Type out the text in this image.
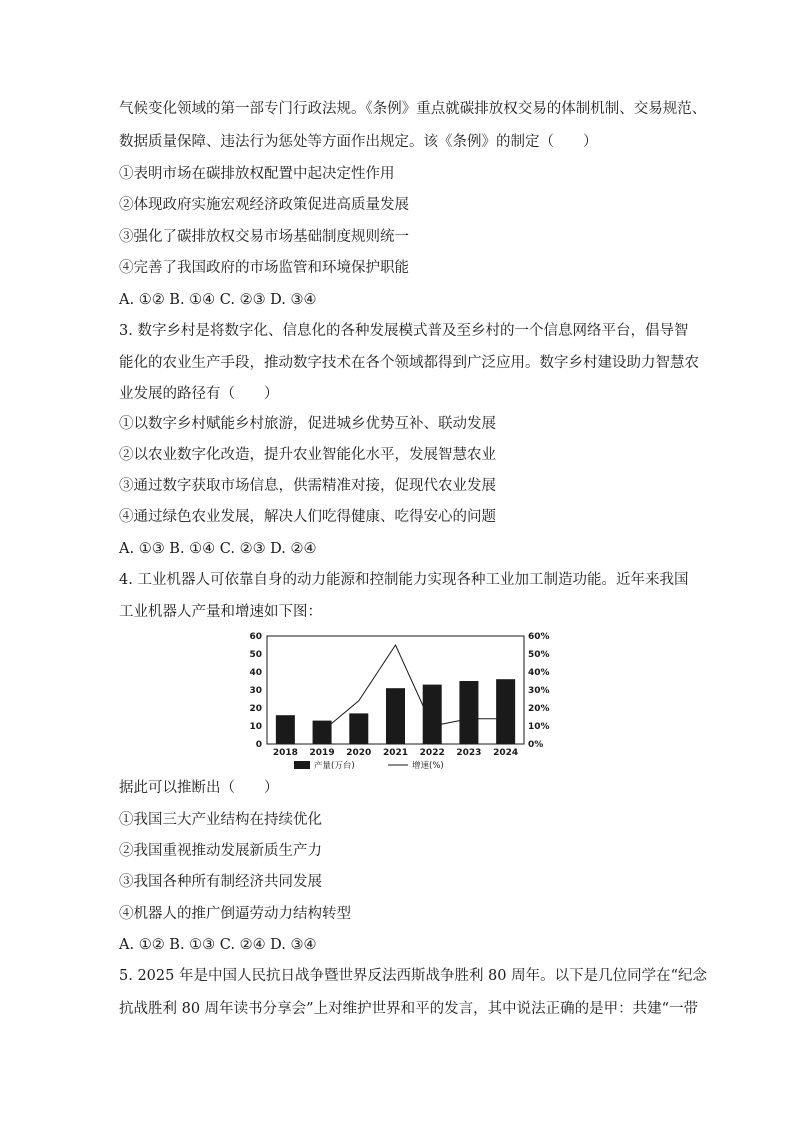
气候变化领域的第一部专门行政法规。《条例》重点就碳排放权交易的体制机制、交易规范、
数据质量保障、违法行为惩处等方面作出规定。该《条例》的制定（　　）
①表明市场在碳排放权配置中起决定性作用
②体现政府实施宏观经济政策促进高质量发展
③强化了碳排放权交易市场基础制度规则统一
④完善了我国政府的市场监管和环境保护职能
A. ①② B. ①④ C. ②③ D. ③④
3. 数字乡村是将数字化、信息化的各种发展模式普及至乡村的一个信息网络平台，倡导智
能化的农业生产手段，推动数字技术在各个领域都得到广泛应用。数字乡村建设助力智慧农
业发展的路径有（　　）
①以数字乡村赋能乡村旅游，促进城乡优势互补、联动发展
②以农业数字化改造，提升农业智能化水平，发展智慧农业
③通过数字获取市场信息，供需精准对接，促现代农业发展
④通过绿色农业发展，解决人们吃得健康、吃得安心的问题
A. ①③ B. ①④ C. ②③ D. ②④
4. 工业机器人可依靠自身的动力能源和控制能力实现各种工业加工制造功能。近年来我国
工业机器人产量和增速如下图：
0
10
20
30
40
50
60
0%
10%
20%
30%
40%
50%
60%
2018 2019 2020 2021 2022 2023 2024
产量(万台)	增速(%)
据此可以推断出（　　）
①我国三大产业结构在持续优化
②我国重视推动发展新质生产力
③我国各种所有制经济共同发展
④机器人的推广倒逼劳动力结构转型
A. ①② B. ①③ C. ②④ D. ③④
5. 2025 年是中国人民抗日战争暨世界反法西斯战争胜利 80 周年。以下是几位同学在“纪念
抗战胜利 80 周年读书分享会”上对维护世界和平的发言，其中说法正确的是甲：共建“一带
